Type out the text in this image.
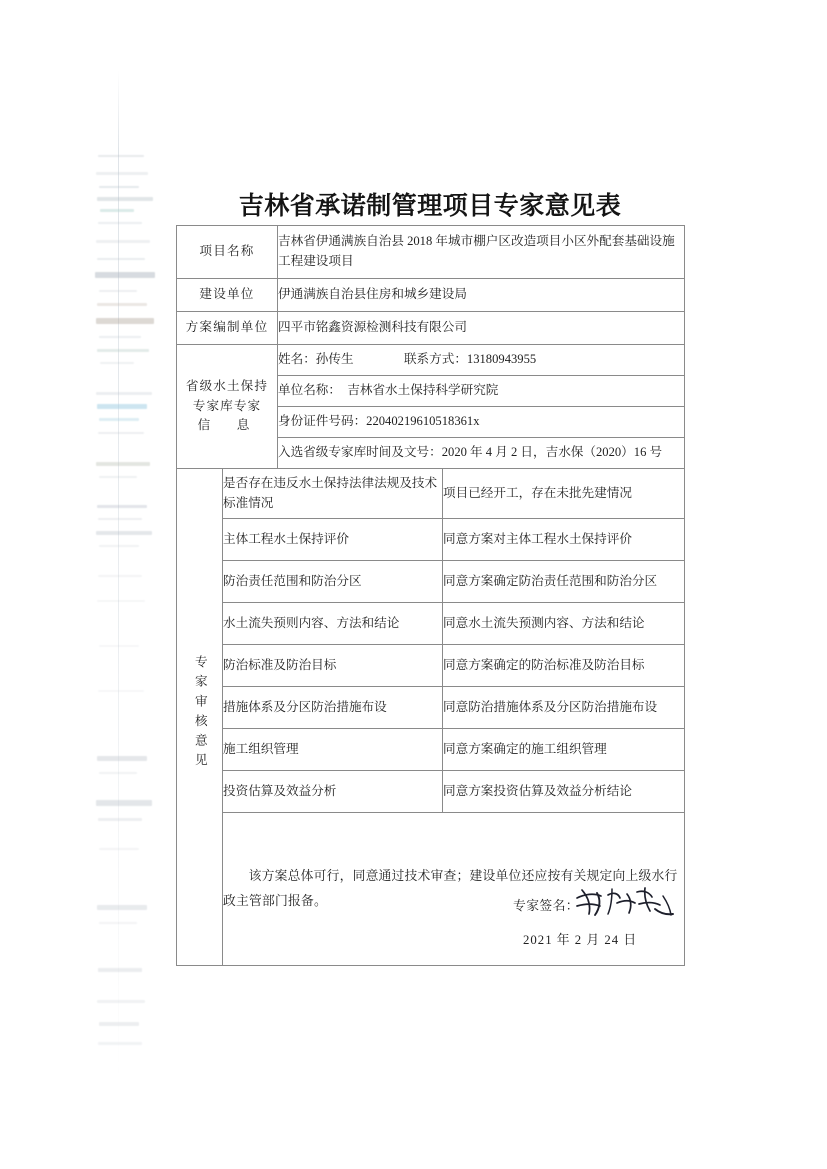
吉林省承诺制管理项目专家意见表
项目名称		吉林省伊通满族自治县 2018 年城市棚户区改造项目小区外配套基础设施工程建设项目	
建设单位		伊通满族自治县住房和城乡建设局	
方案编制单位		四平市铭鑫资源检测科技有限公司	

省级水土保持
专家库专家
信　息		姓名：孙传生　　　　联系方式：13180943955	
		单位名称：　吉林省水土保持科学研究院	
		身份证件号码：22040219610518361x	
		入选省级专家库时间及文号：2020 年 4 月 2 日，吉水保（2020）16 号	
专家审核意见	是否存在违反水土保持法律法规及技术标准情况		项目已经开工，存在未批先建情况
	主体工程水土保持评价		同意方案对主体工程水土保持评价
	防治责任范围和防治分区		同意方案确定防治责任范围和防治分区
	水土流失预则内容、方法和结论		同意水土流失预测内容、方法和结论
	防治标准及防治目标		同意方案确定的防治标准及防治目标
	措施体系及分区防治措施布设		同意防治措施体系及分区防治措施布设
	施工组织管理		同意方案确定的施工组织管理
	投资估算及效益分析		同意方案投资估算及效益分析结论

	该方案总体可行，同意通过技术审查；建设单位还应按有关规定向上级水行政主管部门报备。 专家签名：
2021 年 2 月 24 日		
